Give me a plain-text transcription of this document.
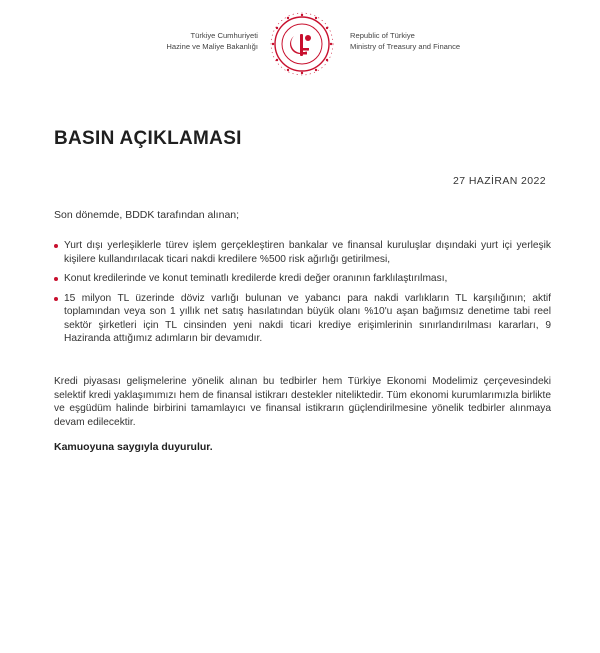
Türkiye Cumhuriyeti
Hazine ve Maliye Bakanlığı
Republic of Türkiye
Ministry of Treasury and Finance
BASIN AÇIKLAMASI
27 HAZİRAN 2022
Son dönemde, BDDK tarafından alınan;
Yurt dışı yerleşiklerle türev işlem gerçekleştiren bankalar ve finansal kuruluşlar dışındaki yurt içi yerleşik kişilere kullandırılacak ticari nakdi kredilere %500 risk ağırlığı getirilmesi,
Konut kredilerinde ve konut teminatlı kredilerde kredi değer oranının farklılaştırılması,
15 milyon TL üzerinde döviz varlığı bulunan ve yabancı para nakdi varlıkların TL karşılığının; aktif toplamından veya son 1 yıllık net satış hasılatından büyük olanı %10'u aşan bağımsız denetime tabi reel sektör şirketleri için TL cinsinden yeni nakdi ticari krediye erişimlerinin sınırlandırılması kararları, 9 Haziranda attığımız adımların bir devamıdır.

Kredi piyasası gelişmelerine yönelik alınan bu tedbirler hem Türkiye Ekonomi Modelimiz çerçevesindeki selektif kredi yaklaşımımızı hem de finansal istikrarı destekler niteliktedir. Tüm ekonomi kurumlarımızla birlikte ve eşgüdüm halinde birbirini tamamlayıcı ve finansal istikrarın güçlendirilmesine yönelik tedbirler alınmaya devam edilecektir.

Kamuoyuna saygıyla duyurulur.
